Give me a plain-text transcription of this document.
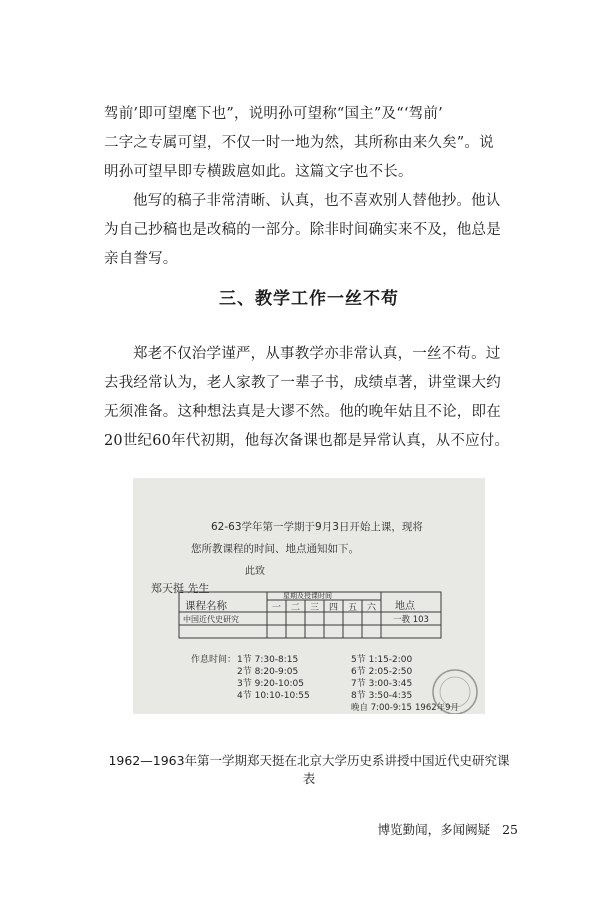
驾前’即可望麾下也”，说明孙可望称“国主”及“‘驾前’
二字之专属可望，不仅一时一地为然，其所称由来久矣”。说
明孙可望早即专横跋扈如此。这篇文字也不长。
他写的稿子非常清晰、认真，也不喜欢别人替他抄。他认
为自己抄稿也是改稿的一部分。除非时间确实来不及，他总是
亲自誊写。
三、教学工作一丝不苟
郑老不仅治学谨严，从事教学亦非常认真，一丝不苟。过
去我经常认为，老人家教了一辈子书，成绩卓著，讲堂课大约
无须准备。这种想法真是大谬不然。他的晚年姑且不论，即在
20世纪60年代初期，他每次备课也都是异常认真，从不应付。
62-63学年第一学期于9月3日开始上课，现将
您所教课程的时间、地点通知如下。
此致
郑天挺 先生
课程名称
星期及授课时间
地点
一 二 三 四 五 六
中国近代史研究	一教 103
作息时间： 1节 7:30-8:15
2节 8:20-9:05
3节 9:20-10:05
4节 10:10-10:55
5节 1:15-2:00
6节 2:05-2:50
7节 3:00-3:45
8节 3:50-4:35
晚自 7:00-9:15 1962年9月

1962—1963年第一学期郑天挺在北京大学历史系讲授中国近代史研究课表

博览勤闻，多闻阙疑 25
